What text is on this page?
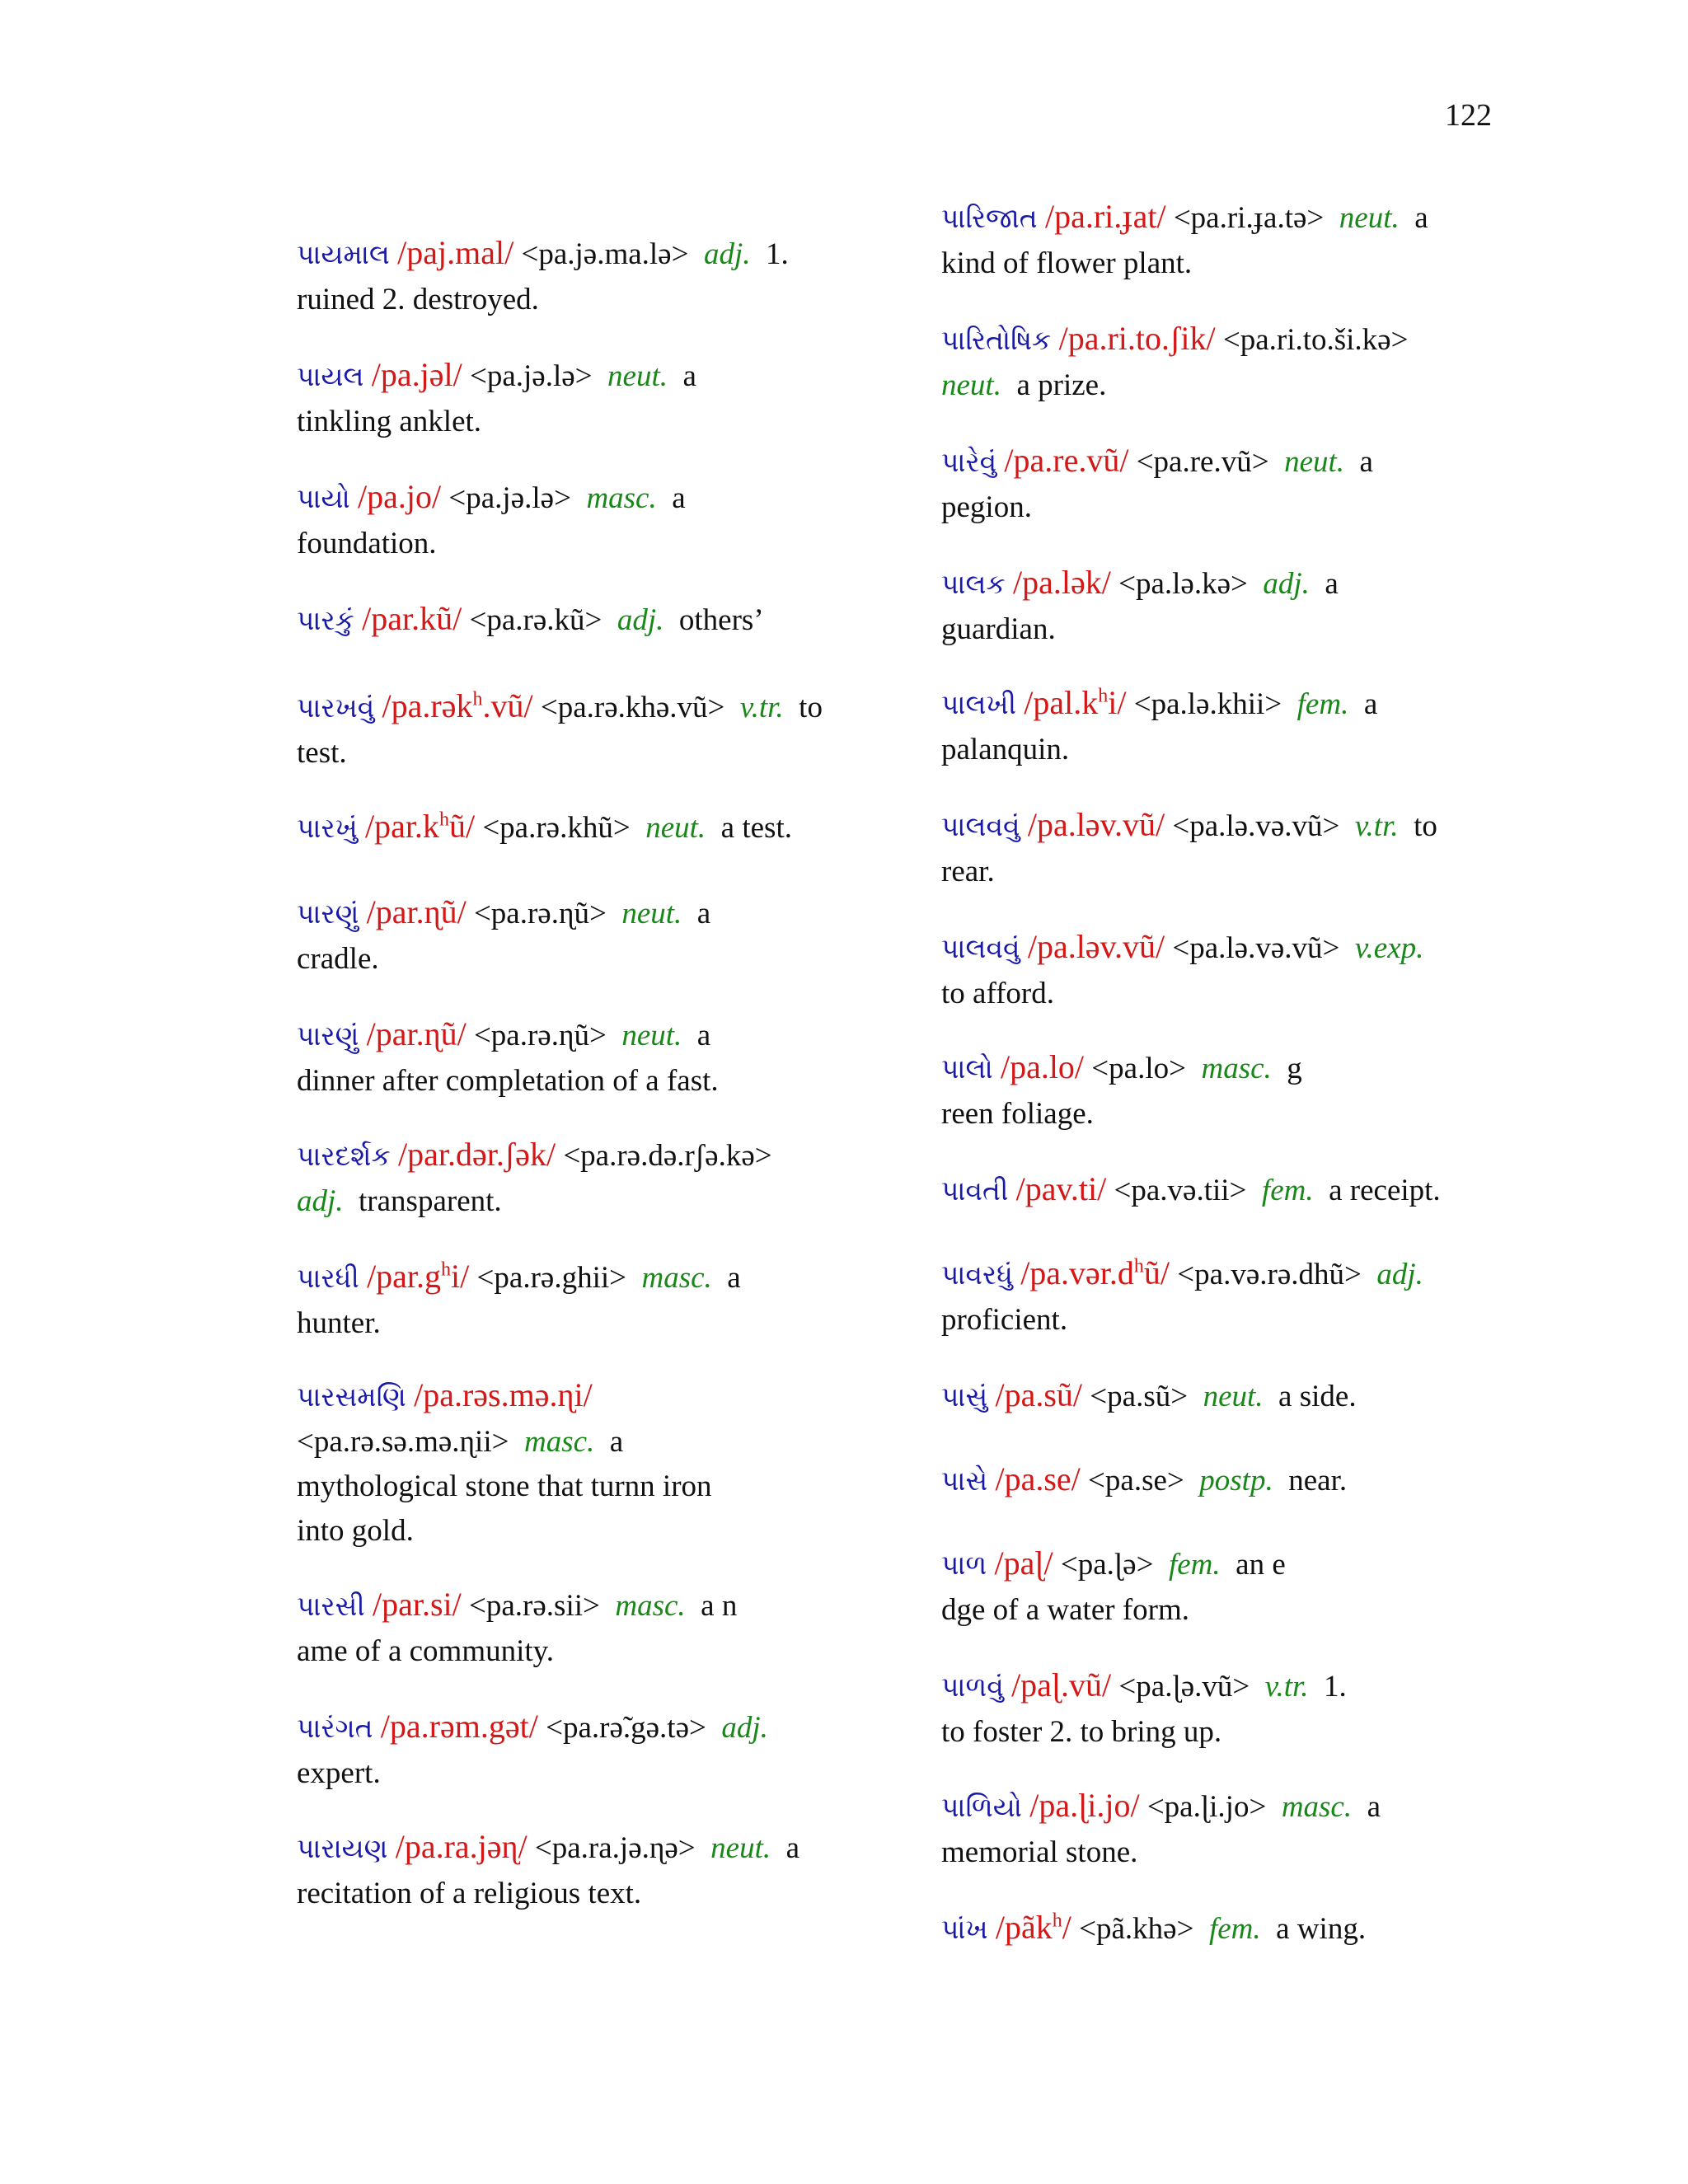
122
પાયમાલ /paj.mal/ <pa.jə.ma.lə>  adj.  1.
ruined 2. destroyed.
પાયલ /pa.jəl/ <pa.jə.lə>  neut.  a
tinkling anklet.
પાયો /pa.jo/ <pa.jə.lə>  masc.  a
foundation.
પારકું /par.kũ/ <pa.rə.kũ>  adj.  others’
પારખવું /pa.rək$^h$.vũ/ <pa.rə.khə.vũ>  v.tr.  to
test.
પારખું $/par.k^hũ/$ <pa.rə.khũ>  neut.  a test.
પારણું /par.ɳũ/ <pa.rə.ɳũ>  neut.  a
cradle.
પારણું /par.ɳũ/ <pa.rə.ɳũ>  neut.  a
dinner after completation of a fast.
પારદર્શક /par.dər.ʃək/ <pa.rə.də.rʃə.kə> 
adj.  transparent.
પારધી $/par.g^hi/$ <pa.rə.ghii>  masc.  a
hunter.
પારસમણિ /pa.rəs.mə.ɳi/
<pa.rə.sə.mə.ɳii>  masc.  a
mythological stone that turnn iron
into gold.
પારસી /par.si/ <pa.rə.sii>  masc.  a n
ame of a community.
પારંગત /pa.rəm.gət/ <pa.rə̃.gə.tə>  adj.
expert.
પારાયણ /pa.ra.jəɳ/ <pa.ra.jə.ɳə>  neut.  a
recitation of a religious text.
પારિજાત /pa.ri.ɟat/ <pa.ri.ɟa.tə>  neut.  a
kind of flower plant.
પારિતોષિક /pa.ri.to.ʃik/ <pa.ri.to.ši.kə> 
neut.  a prize.
પારેવું /pa.re.vũ/ <pa.re.vũ>  neut.  a
pegion.
પાલક /pa.lək/ <pa.lə.kə>  adj.  a
guardian.
પાલખી $/pal.k^hi/$ <pa.lə.khii>  fem.  a
palanquin.
પાલવવું /pa.ləv.vũ/ <pa.lə.və.vũ>  v.tr.  to
rear.
પાલવવું /pa.ləv.vũ/ <pa.lə.və.vũ>  v.exp.
to afford.
પાલો /pa.lo/ <pa.lo>  masc.  g
reen foliage.
પાવતી /pav.ti/ <pa.və.tii>  fem.  a receipt.
પાવરધું $/pa.vər.d^hũ/$ <pa.və.rə.dhũ>  adj.
proficient.
પાસું /pa.sũ/ <pa.sũ>  neut.  a side.
પાસે /pa.se/ <pa.se>  postp.  near.
પાળ /paɭ/ <pa.ɭə>  fem.  an e
dge of a water form.
પાળવું /paɭ.vũ/ <pa.ɭə.vũ>  v.tr.  1.
to foster 2. to bring up.
પાળિયો /pa.ɭi.jo/ <pa.ɭi.jo>  masc.  a
memorial stone.
પાંખ /pãk$^h$/ <pã.khə>  fem.  a wing.
